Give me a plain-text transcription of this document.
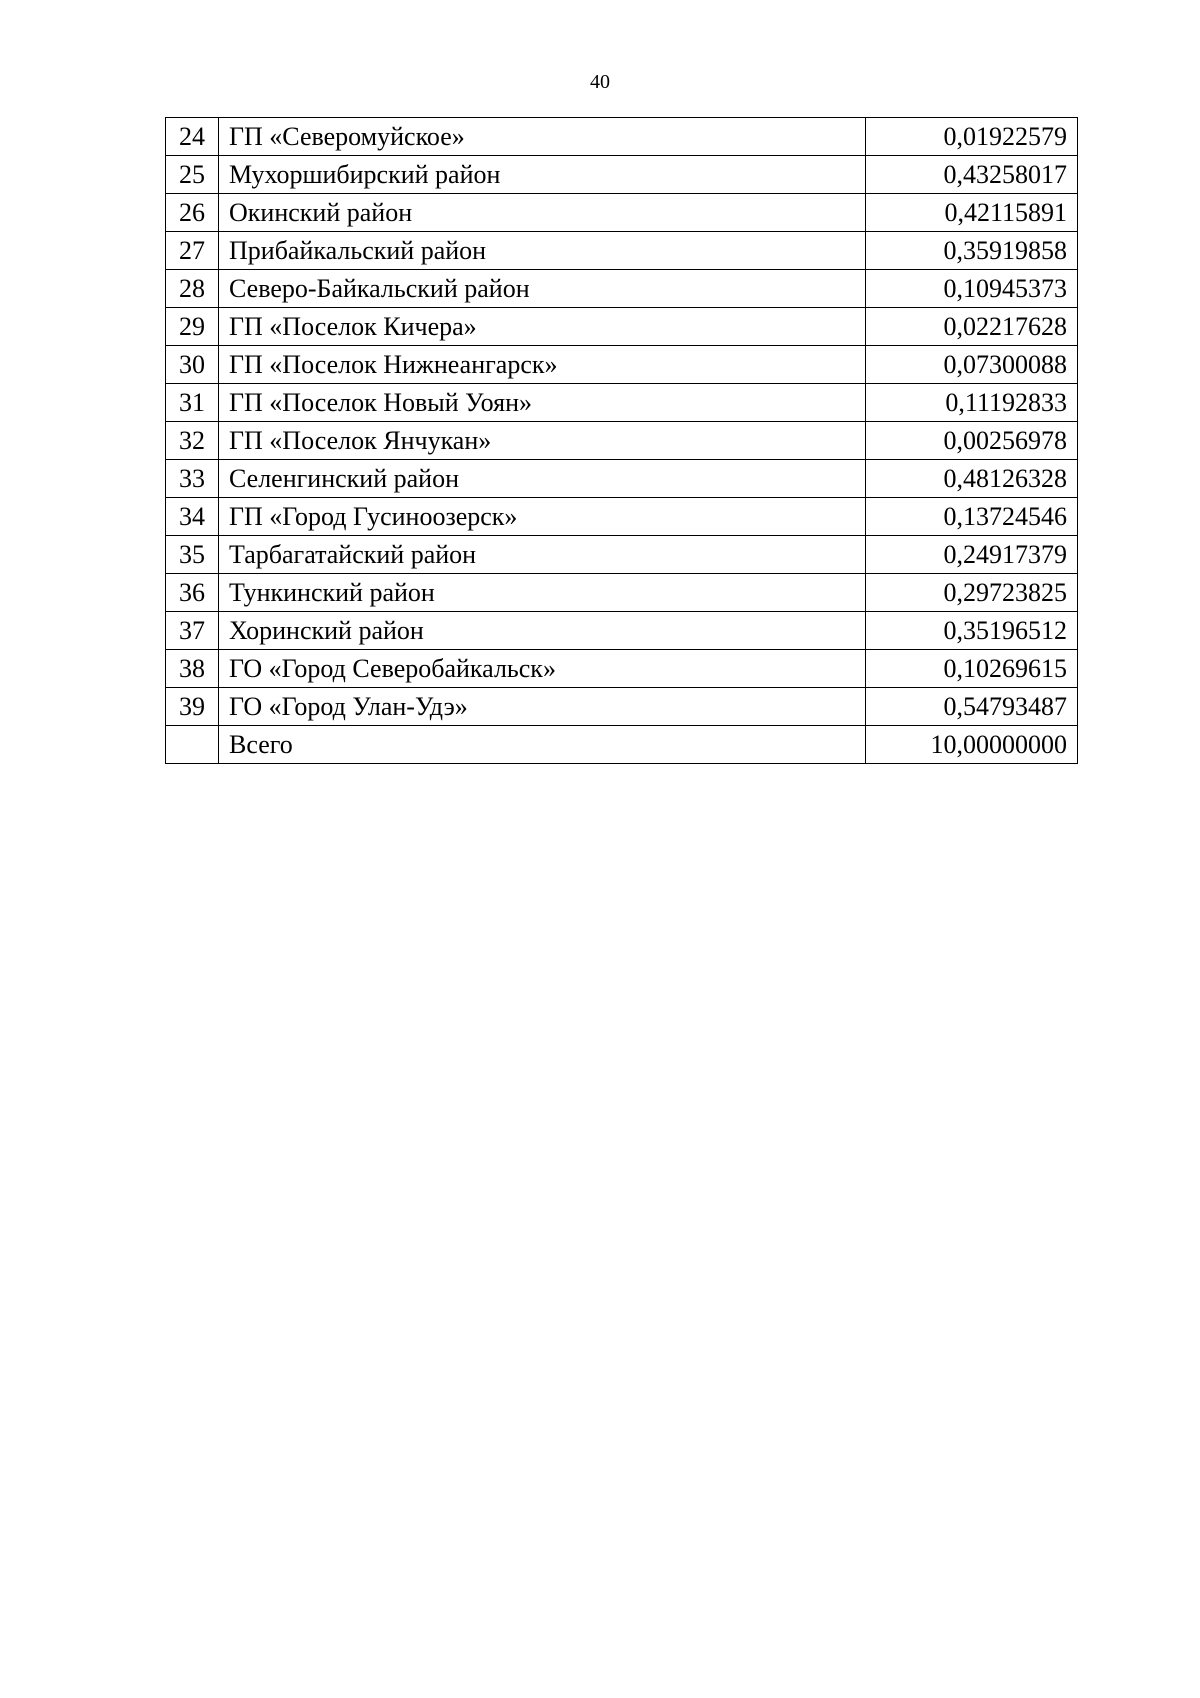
40
24	ГП «Северомуйское»	0,01922579
25	Мухоршибирский район	0,43258017
26	Окинский район	0,42115891
27	Прибайкальский район	0,35919858
28	Северо-Байкальский район	0,10945373
29	ГП «Поселок Кичера»	0,02217628
30	ГП «Поселок Нижнеангарск»	0,07300088
31	ГП «Поселок Новый Уоян»	0,11192833
32	ГП «Поселок Янчукан»	0,00256978
33	Селенгинский район	0,48126328
34	ГП «Город Гусиноозерск»	0,13724546
35	Тарбагатайский район	0,24917379
36	Тункинский район	0,29723825
37	Хоринский район	0,35196512
38	ГО «Город Северобайкальск»	0,10269615
39	ГО «Город Улан-Удэ»	0,54793487
	Всего	10,00000000
